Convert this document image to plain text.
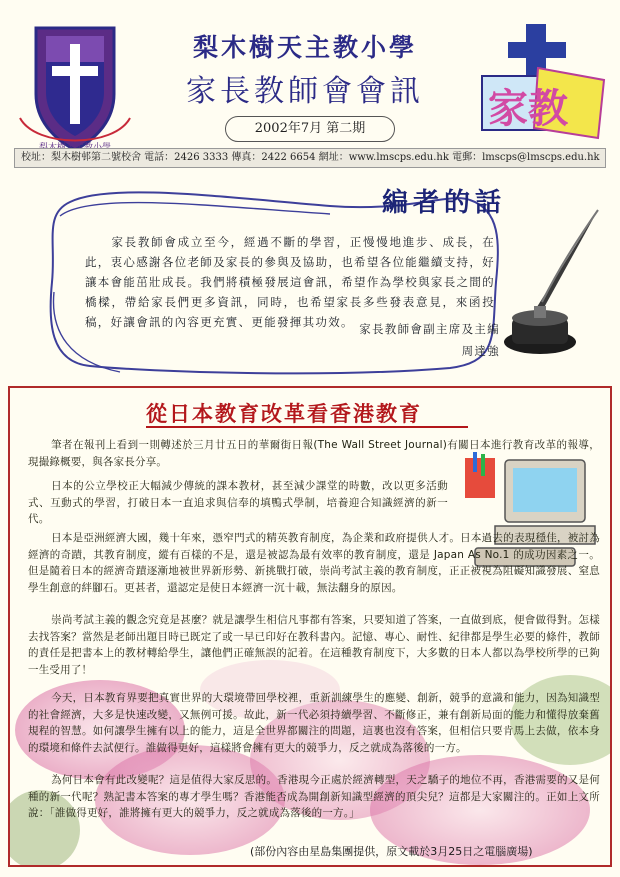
梨木樹天主教小學
家長教師會會訊
2002年7月 第二期	家教
校址：梨木樹邨第二號校舍 電話：2426 3333 傳真：2422 6654 網址：www.lmscps.edu.hk 電郵：lmscps@lmscps.edu.hk
編者的話

家長教師會成立至今，經過不斷的學習，正慢慢地進步、成長，在此，衷心感謝各位老師及家長的參與及協助，也希望各位能繼續支持，好讓本會能茁壯成長。我們將積極發展這會訊，希望作為學校與家長之間的橋樑，帶給家長們更多資訊，同時，也希望家長多些發表意見，來函投稿，好讓會訊的內容更充實、更能發揮其功效。 家長教師會副主席及主編
周達強
從日本教育改革看香港教育

筆者在報刊上看到一則轉述於三月廿五日的華爾街日報(The Wall Street Journal)有關日本進行教育改革的報導，現撮錄概要，與各家長分享。

日本的公立學校正大幅減少傳統的課本教材，甚至減少課堂的時數，改以更多活動式、互動式的學習，打破日本一直追求與信奉的填鴨式學制，培養迎合知識經濟的新一代。

日本是亞洲經濟大國，幾十年來，憑窄門式的精英教育制度，為企業和政府提供人才。日本過去的表現穩佳，被討為經濟的奇蹟，其教育制度，縱有百樣的不是，還是被認為最有效率的教育制度，還是 Japan As No.1 的成功因素之一。但是隨着日本的經濟奇蹟逐漸地被世界新形勢、新挑戰打破，崇尚考試主義的教育制度，正正被視為阻礙知識發展、窒息學生創意的絆腳石。更甚者，還認定是使日本經濟一沉十載，無法翻身的原因。

崇尚考試主義的觀念究竟是甚麼？就是讓學生相信凡事都有答案，只要知道了答案，一直做到底，便會做得對。怎樣去找答案？當然是老師出題目時已既定了或一早已印好在教科書內。記憶、專心、耐性、紀律都是學生必要的條件，教師的責任是把書本上的教材轉給學生，讓他們正確無誤的記着。在這種教育制度下，大多數的日本人都以為學校所學的已夠一生受用了！

今天，日本教育界要把真實世界的大環境帶回學校裡，重新訓練學生的應變、創新，競爭的意識和能力，因為知識型的社會經濟，大多是快速改變，又無例可援。故此，新一代必須持續學習、不斷修正，兼有創新局面的能力和懂得放棄舊規程的智慧。如何讓學生擁有以上的能力，這是全世界都關注的問題，這裏也沒有答案，但相信只要肯馬上去做，依本身的環境和條件去試便行。誰做得更好，這樣將會擁有更大的競爭力，反之就成為落後的一方。

為何日本會有此改變呢？這是值得大家反思的。香港現今正處於經濟轉型，天之驕子的地位不再，香港需要的又是何種的新一代呢？熟記書本答案的專才學生嗎？香港能否成為開創新知識型經濟的頂尖兒？這都是大家關注的。正如上文所說：「誰做得更好，誰將擁有更大的競爭力，反之就成為落後的一方。」

(部份內容由星島集團提供，原文載於3月25日之電腦廣場)
